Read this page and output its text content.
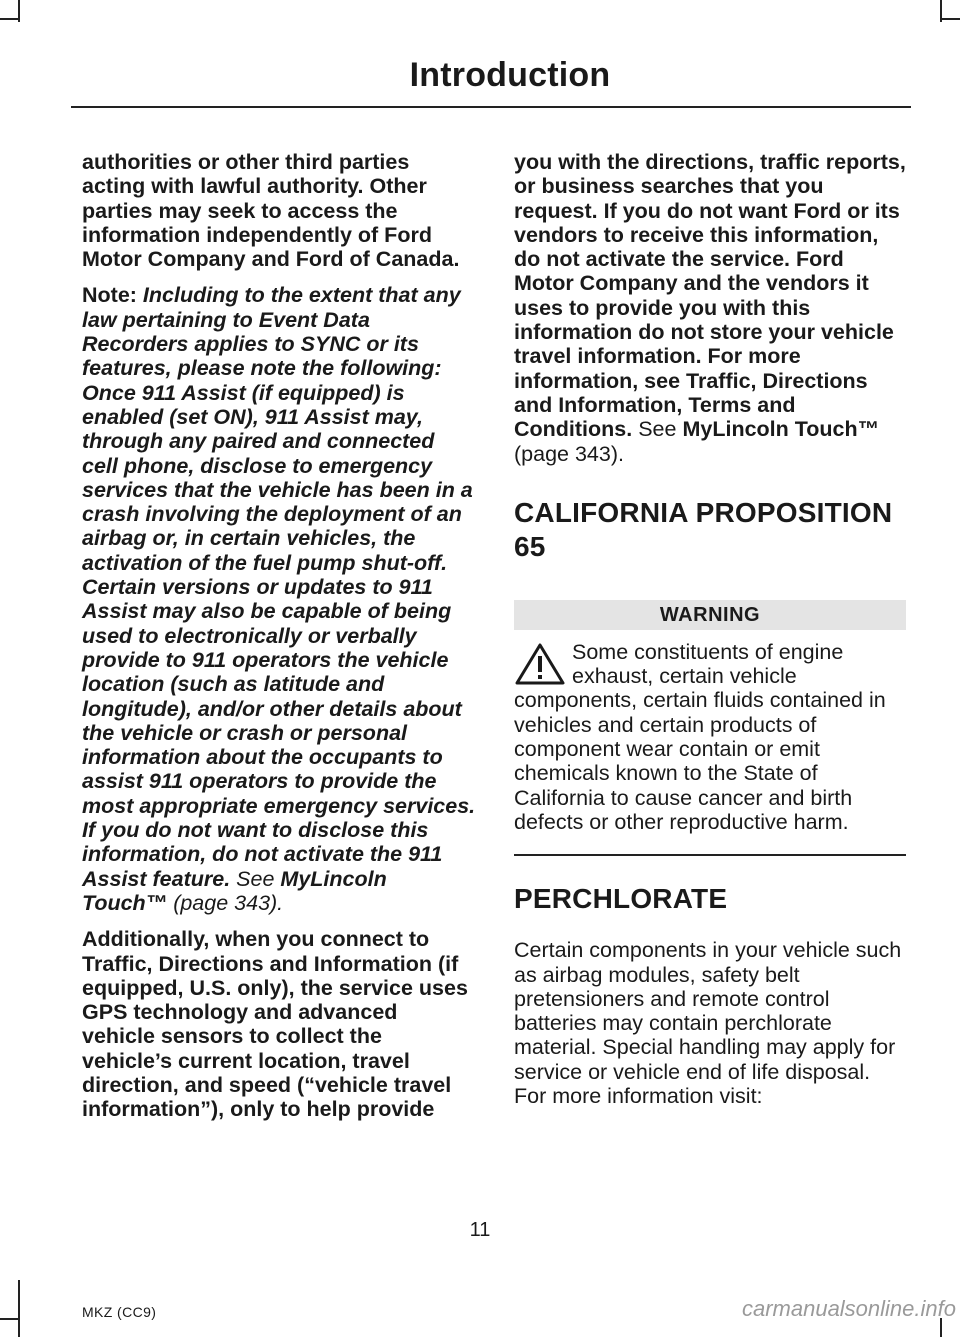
Introduction

authorities or other third parties acting with lawful authority. Other parties may seek to access the information independently of Ford Motor Company and Ford of Canada.

Note: Including to the extent that any law pertaining to Event Data Recorders applies to SYNC or its features, please note the following: Once 911 Assist (if equipped) is enabled (set ON), 911 Assist may, through any paired and connected cell phone, disclose to emergency services that the vehicle has been in a crash involving the deployment of an airbag or, in certain vehicles, the activation of the fuel pump shut-off. Certain versions or updates to 911 Assist may also be capable of being used to electronically or verbally provide to 911 operators the vehicle location (such as latitude and longitude), and/or other details about the vehicle or crash or personal information about the occupants to assist 911 operators to provide the most appropriate emergency services. If you do not want to disclose this information, do not activate the 911 Assist feature. See MyLincoln Touch™ (page 343).

Additionally, when you connect to Traffic, Directions and Information (if equipped, U.S. only), the service uses GPS technology and advanced vehicle sensors to collect the vehicle’s current location, travel direction, and speed (“vehicle travel information”), only to help provide

you with the directions, traffic reports, or business searches that you request. If you do not want Ford or its vendors to receive this information, do not activate the service. Ford Motor Company and the vendors it uses to provide you with this information do not store your vehicle travel information. For more information, see Traffic, Directions and Information, Terms and Conditions. See MyLincoln Touch™ (page 343).

CALIFORNIA PROPOSITION 65
WARNING
Some constituents of engine exhaust, certain vehicle components, certain fluids contained in vehicles and certain products of component wear contain or emit chemicals known to the State of California to cause cancer and birth defects or other reproductive harm.
PERCHLORATE

Certain components in your vehicle such as airbag modules, safety belt pretensioners and remote control batteries may contain perchlorate material. Special handling may apply for service or vehicle end of life disposal. For more information visit:

11
MKZ (CC9)	carmanualsonline.info
